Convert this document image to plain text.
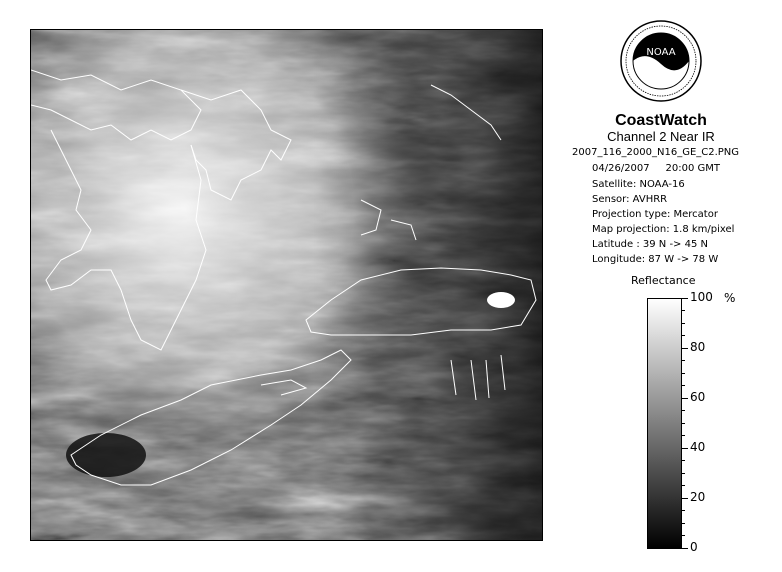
NOAA
CoastWatch
Channel 2 Near IR
2007_116_2000_N16_GE_C2.PNG
04/26/2007     20:00 GMT
Satellite: NOAA-16
Sensor: AVHRR
Projection type: Mercator
Map projection: 1.8 km/pixel
Latitude : 39 N -> 45 N
Longitude: 87 W -> 78 W
Reflectance
%
100
80
60
40
20
0
